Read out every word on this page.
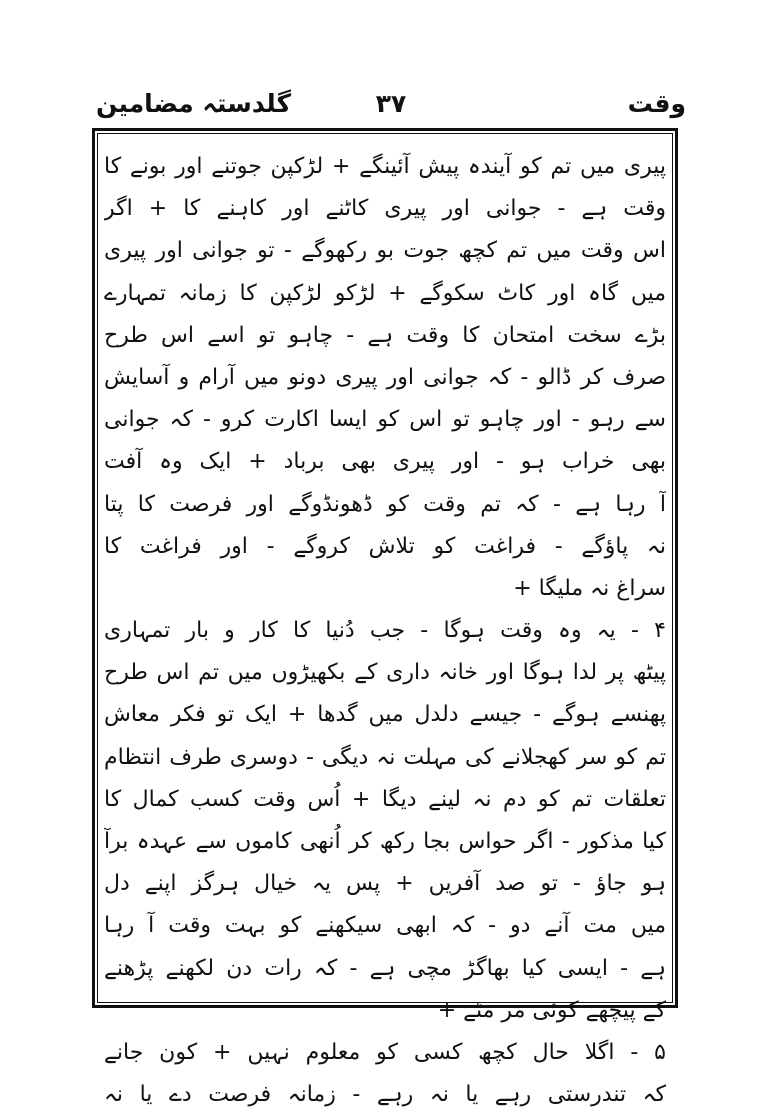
وقت
۳۷
گلدستہ مضامین
پیری میں تم کو آیندہ پیش آئینگے + لڑکپن جوتنے اور بونے کا
وقت ہے - جوانی اور پیری کاٹنے اور کاہنے کا + اگر
اس وقت میں تم کچھ جوت بو رکھوگے - تو جوانی اور پیری
میں گاہ اور کاٹ سکوگے + لڑکو لڑکپن کا زمانہ تمہارے
بڑے سخت امتحان کا وقت ہے - چاہو تو اسے اس طرح
صرف کر ڈالو - کہ جوانی اور پیری دونو میں آرام و آسایش
سے رہو - اور چاہو تو اس کو ایسا اکارت کرو - کہ جوانی
بھی خراب ہو - اور پیری بھی برباد + ایک وہ آفت
آ رہا ہے - کہ تم وقت کو ڈھونڈوگے اور فرصت کا پتا
نہ پاؤگے - فراغت کو تلاش کروگے - اور فراغت کا
سراغ نہ ملیگا +
۴ - یہ وہ وقت ہوگا - جب دُنیا کا کار و بار تمہاری
پیٹھ پر لدا ہوگا اور خانہ داری کے بکھیڑوں میں تم اس طرح
پھنسے ہوگے - جیسے دلدل میں گدھا + ایک تو فکر معاش
تم کو سر کھجلانے کی مہلت نہ دیگی - دوسری طرف انتظام
تعلقات تم کو دم نہ لینے دیگا + اُس وقت کسب کمال کا
کیا مذکور - اگر حواس بجا رکھ کر اُنھی کاموں سے عہدہ برآ
ہو جاؤ - تو صد آفریں + پس یہ خیال ہرگز اپنے دل
میں مت آنے دو - کہ ابھی سیکھنے کو بہت وقت آ رہا
ہے - ایسی کیا بھاگڑ مچی ہے - کہ رات دن لکھنے پڑھنے
کے پیچھے کوئی مر مٹے +
۵ - اگلا حال کچھ کسی کو معلوم نہیں + کون جانے
کہ تندرستی رہے یا نہ رہے - زمانہ فرصت دے یا نہ
